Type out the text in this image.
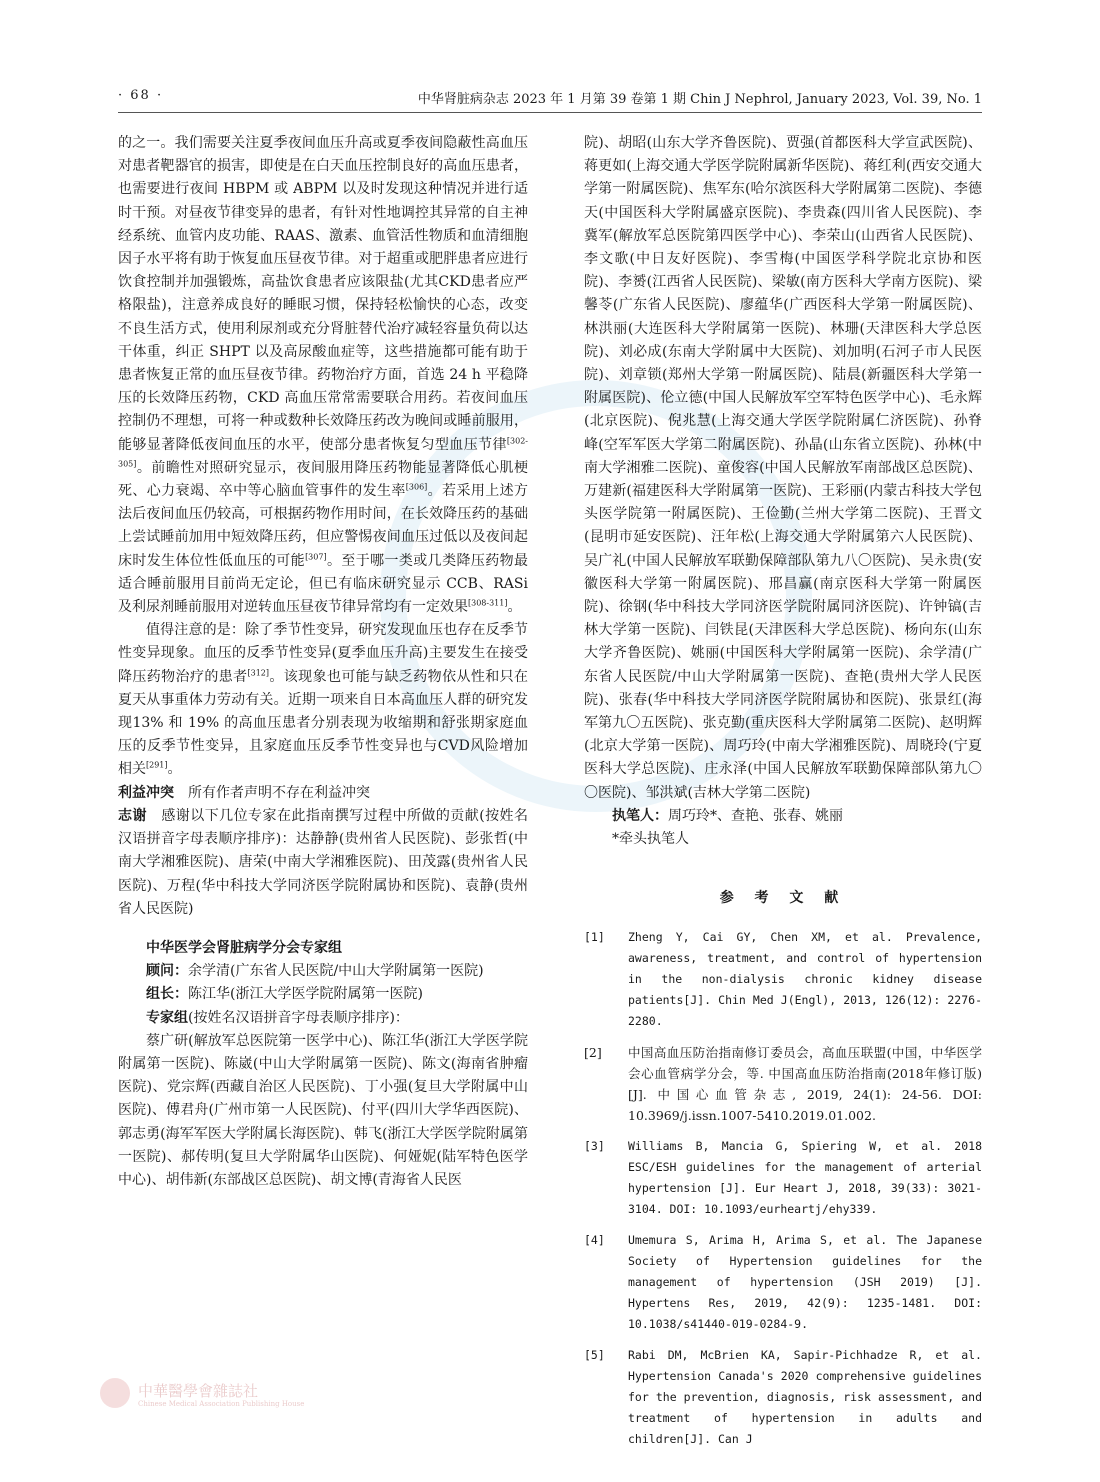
· 68 ·	中华肾脏病杂志 2023 年 1 月第 39 卷第 1 期 Chin J Nephrol, January 2023, Vol. 39, No. 1

的之一。我们需要关注夏季夜间血压升高或夏季夜间隐蔽性高血压对患者靶器官的损害，即使是在白天血压控制良好的高血压患者，也需要进行夜间 HBPM 或 ABPM 以及时发现这种情况并进行适时干预。对昼夜节律变异的患者，有针对性地调控其异常的自主神经系统、血管内皮功能、RAAS、激素、血管活性物质和血清细胞因子水平将有助于恢复血压昼夜节律。对于超重或肥胖患者应进行饮食控制并加强锻炼，高盐饮食患者应该限盐(尤其CKD患者应严格限盐)，注意养成良好的睡眠习惯，保持轻松愉快的心态，改变不良生活方式，使用利尿剂或充分肾脏替代治疗减轻容量负荷以达干体重，纠正 SHPT 以及高尿酸血症等，这些措施都可能有助于患者恢复正常的血压昼夜节律。药物治疗方面，首选 24 h 平稳降压的长效降压药物，CKD 高血压常常需要联合用药。若夜间血压控制仍不理想，可将一种或数种长效降压药改为晚间或睡前服用，能够显著降低夜间血压的水平，使部分患者恢复匀型血压节律[302-305]。前瞻性对照研究显示，夜间服用降压药物能显著降低心肌梗死、心力衰竭、卒中等心脑血管事件的发生率[306]。若采用上述方法后夜间血压仍较高，可根据药物作用时间，在长效降压药的基础上尝试睡前加用中短效降压药，但应警惕夜间血压过低以及夜间起床时发生体位性低血压的可能[307]。至于哪一类或几类降压药物最适合睡前服用目前尚无定论，但已有临床研究显示 CCB、RASi 及利尿剂睡前服用对逆转血压昼夜节律异常均有一定效果[308-311]。

值得注意的是：除了季节性变异，研究发现血压也存在反季节性变异现象。血压的反季节性变异(夏季血压升高)主要发生在接受降压药物治疗的患者[312]。该现象也可能与缺乏药物依从性和只在夏天从事重体力劳动有关。近期一项来自日本高血压人群的研究发现13% 和 19% 的高血压患者分别表现为收缩期和舒张期家庭血压的反季节性变异，且家庭血压反季节性变异也与CVD风险增加相关[291]。

利益冲突　 所有作者声明不存在利益冲突

志谢　 感谢以下几位专家在此指南撰写过程中所做的贡献(按姓名汉语拼音字母表顺序排序)：达静静(贵州省人民医院)、彭张哲(中南大学湘雅医院)、唐荣(中南大学湘雅医院)、田茂露(贵州省人民医院)、万程(华中科技大学同济医学院附属协和医院)、袁静(贵州省人民医院)

中华医学会肾脏病学分会专家组

顾问：余学清(广东省人民医院/中山大学附属第一医院)

组长：陈江华(浙江大学医学院附属第一医院)

专家组(按姓名汉语拼音字母表顺序排序)：

蔡广研(解放军总医院第一医学中心)、陈江华(浙江大学医学院附属第一医院)、陈崴(中山大学附属第一医院)、陈文(海南省肿瘤医院)、党宗辉(西藏自治区人民医院)、丁小强(复旦大学附属中山医院)、傅君舟(广州市第一人民医院)、付平(四川大学华西医院)、郭志勇(海军军医大学附属长海医院)、韩飞(浙江大学医学院附属第一医院)、郝传明(复旦大学附属华山医院)、何娅妮(陆军特色医学中心)、胡伟新(东部战区总医院)、胡文博(青海省人民医

院)、胡昭(山东大学齐鲁医院)、贾强(首都医科大学宣武医院)、蒋更如(上海交通大学医学院附属新华医院)、蒋红利(西安交通大学第一附属医院)、焦军东(哈尔滨医科大学附属第二医院)、李德天(中国医科大学附属盛京医院)、李贵森(四川省人民医院)、李冀军(解放军总医院第四医学中心)、李荣山(山西省人民医院)、李文歌(中日友好医院)、李雪梅(中国医学科学院北京协和医院)、李赟(江西省人民医院)、梁敏(南方医科大学南方医院)、梁馨苓(广东省人民医院)、廖蕴华(广西医科大学第一附属医院)、林洪丽(大连医科大学附属第一医院)、林珊(天津医科大学总医院)、刘必成(东南大学附属中大医院)、刘加明(石河子市人民医院)、刘章锁(郑州大学第一附属医院)、陆晨(新疆医科大学第一附属医院)、伦立德(中国人民解放军空军特色医学中心)、毛永辉(北京医院)、倪兆慧(上海交通大学医学院附属仁济医院)、孙脊峰(空军军医大学第二附属医院)、孙晶(山东省立医院)、孙林(中南大学湘雅二医院)、童俊容(中国人民解放军南部战区总医院)、万建新(福建医科大学附属第一医院)、王彩丽(内蒙古科技大学包头医学院第一附属医院)、王俭勤(兰州大学第二医院)、王晋文(昆明市延安医院)、汪年松(上海交通大学附属第六人民医院)、吴广礼(中国人民解放军联勤保障部队第九八〇医院)、吴永贵(安徽医科大学第一附属医院)、邢昌赢(南京医科大学第一附属医院)、徐钢(华中科技大学同济医学院附属同济医院)、许钟镐(吉林大学第一医院)、闫铁昆(天津医科大学总医院)、杨向东(山东大学齐鲁医院)、姚丽(中国医科大学附属第一医院)、余学清(广东省人民医院/中山大学附属第一医院)、查艳(贵州大学人民医院)、张春(华中科技大学同济医学院附属协和医院)、张景红(海军第九〇五医院)、张克勤(重庆医科大学附属第二医院)、赵明辉(北京大学第一医院)、周巧玲(中南大学湘雅医院)、周晓玲(宁夏医科大学总医院)、庄永泽(中国人民解放军联勤保障部队第九〇〇医院)、邹洪斌(吉林大学第二医院)

执笔人：周巧玲*、查艳、张春、姚丽

*牵头执笔人

参 考 文 献
[1] Zheng Y, Cai GY, Chen XM, et al. Prevalence, awareness, treatment, and control of hypertension in the non-dialysis chronic kidney disease patients[J]. Chin Med J(Engl), 2013, 126(12): 2276-2280.
[2] 中国高血压防治指南修订委员会，高血压联盟(中国，中华医学会心血管病学分会，等. 中国高血压防治指南(2018年修订版)[J]. 中国心血管杂志, 2019, 24(1): 24-56. DOI: 10.3969/j.issn.1007-5410.2019.01.002.
[3] Williams B, Mancia G, Spiering W, et al. 2018 ESC/ESH guidelines for the management of arterial hypertension [J]. Eur Heart J, 2018, 39(33): 3021-3104. DOI: 10.1093/eurheartj/ehy339.
[4] Umemura S, Arima H, Arima S, et al. The Japanese Society of Hypertension guidelines for the management of hypertension (JSH 2019) [J]. Hypertens Res, 2019, 42(9): 1235-1481. DOI: 10.1038/s41440-019-0284-9.
[5] Rabi DM, McBrien KA, Sapir-Pichhadze R, et al. Hypertension Canada's 2020 comprehensive guidelines for the prevention, diagnosis, risk assessment, and treatment of hypertension in adults and children[J]. Can J
中華醫學會雜誌社
Chinese Medical Association Publishing House
